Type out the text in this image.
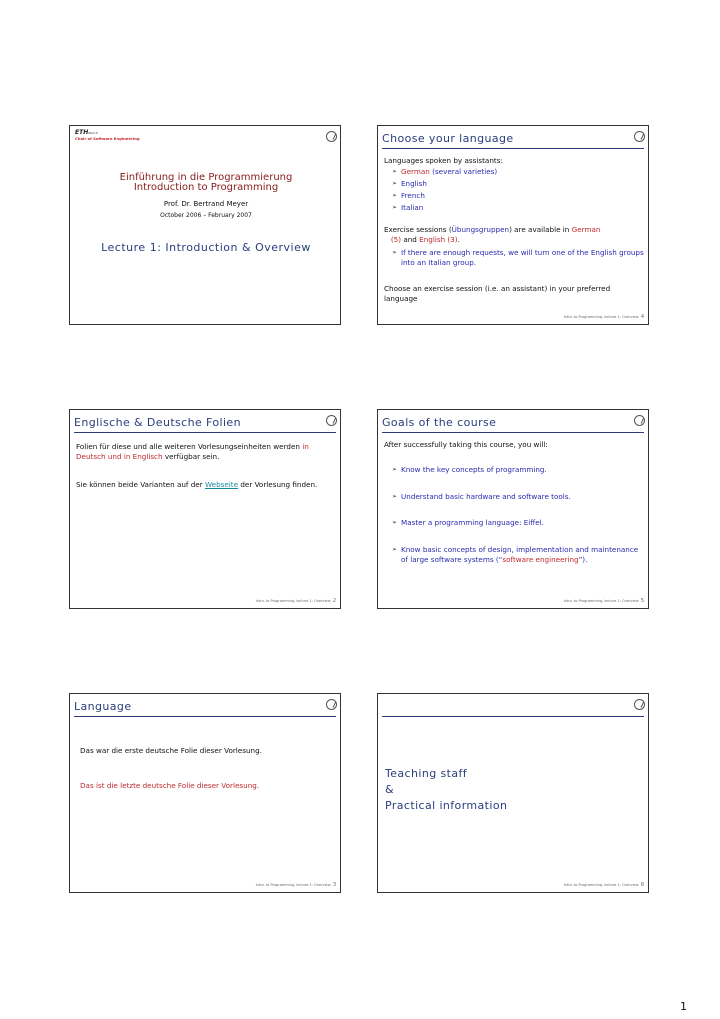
ETHZürich
Chair of Software Engineering
Einführung in die Programmierung
Introduction to Programming
Prof. Dr. Bertrand Meyer
October 2006 – February 2007
Lecture 1: Introduction & Overview
Choose your language
Languages spoken by assistants:
➢ German (several varieties)
➢ English
➢ French
➢ Italian
Exercise sessions (Übungsgruppen) are available in German
(5) and English (3).
➢ If there are enough requests, we will turn one of the English groups into an Italian group.
Choose an exercise session (i.e. an assistant) in your preferred language
Intro. to Programming, lecture 1: Overview 4
Englische & Deutsche Folien
Folien für diese und alle weiteren Vorlesungseinheiten werden in Deutsch und in Englisch verfügbar sein.
Sie können beide Varianten auf der Webseite der Vorlesung finden.
Intro. to Programming, lecture 1: Overview 2
Goals of the course
After successfully taking this course, you will:
➢ Know the key concepts of programming.
➢ Understand basic hardware and software tools.
➢ Master a programming language: Eiffel.
➢ Know basic concepts of design, implementation and maintenance of large software systems (“software engineering”).
Intro. to Programming, lecture 1: Overview 5
Language
Das war die erste deutsche Folie dieser Vorlesung.
Das ist die letzte deutsche Folie dieser Vorlesung.
Intro. to Programming, lecture 1: Overview 3
Teaching staff
&
Practical information
Intro. to Programming, lecture 1: Overview 6
1
